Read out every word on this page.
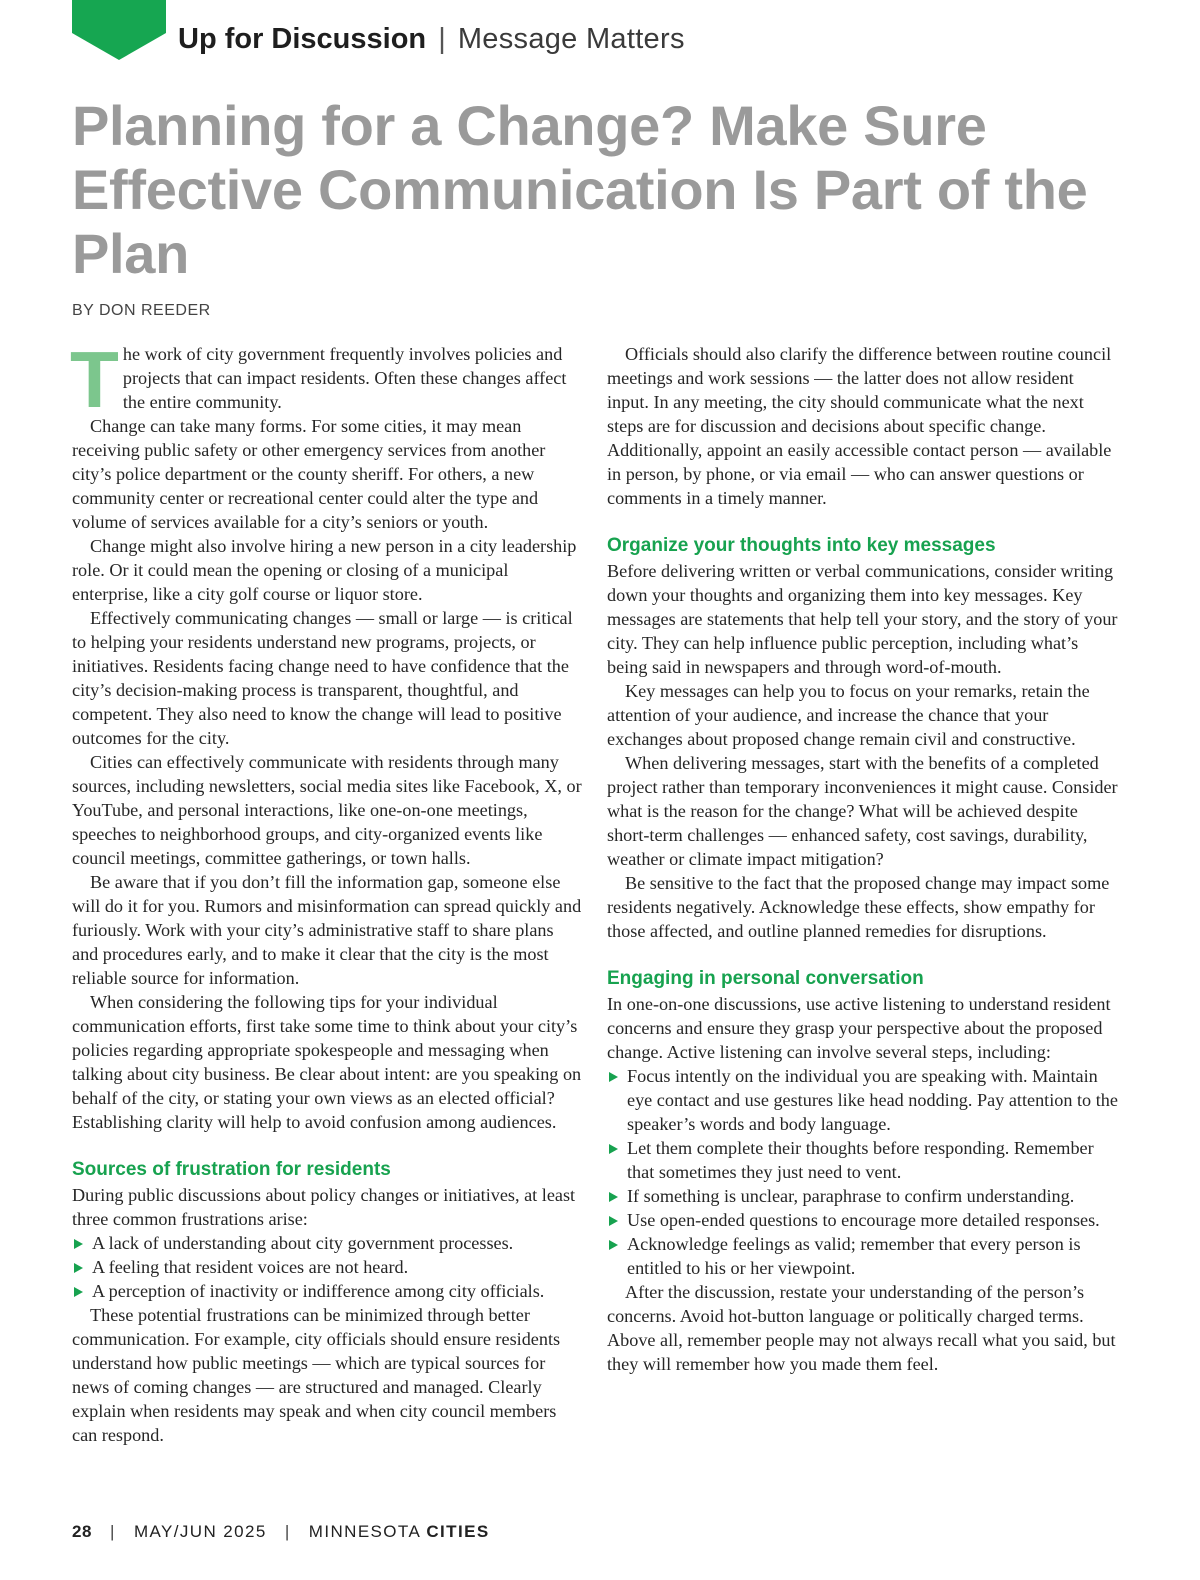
Up for Discussion | Message Matters
Planning for a Change? Make Sure Effective Communication Is Part of the Plan
BY DON REEDER

The work of city government frequently involves policies and projects that can impact residents. Often these changes affect the entire community.

Change can take many forms. For some cities, it may mean receiving public safety or other emergency services from another city’s police department or the county sheriff. For others, a new community center or recreational center could alter the type and volume of services available for a city’s seniors or youth.

Change might also involve hiring a new person in a city leadership role. Or it could mean the opening or closing of a municipal enterprise, like a city golf course or liquor store.

Effectively communicating changes — small or large — is critical to helping your residents understand new programs, projects, or initiatives. Residents facing change need to have confidence that the city’s decision-making process is transparent, thoughtful, and competent. They also need to know the change will lead to positive outcomes for the city.

Cities can effectively communicate with residents through many sources, including newsletters, social media sites like Facebook, X, or YouTube, and personal interactions, like one-on-one meetings, speeches to neighborhood groups, and city-organized events like council meetings, committee gatherings, or town halls.

Be aware that if you don’t fill the information gap, someone else will do it for you. Rumors and misinformation can spread quickly and furiously. Work with your city’s administrative staff to share plans and procedures early, and to make it clear that the city is the most reliable source for information.

When considering the following tips for your individual communication efforts, first take some time to think about your city’s policies regarding appropriate spokespeople and messaging when talking about city business. Be clear about intent: are you speaking on behalf of the city, or stating your own views as an elected official? Establishing clarity will help to avoid confusion among audiences.

Sources of frustration for residents

During public discussions about policy changes or initiatives, at least three common frustrations arise:

A lack of understanding about city government processes.
A feeling that resident voices are not heard.
A perception of inactivity or indifference among city officials.

These potential frustrations can be minimized through better communication. For example, city officials should ensure residents understand how public meetings — which are typical sources for news of coming changes — are structured and managed. Clearly explain when residents may speak and when city council members can respond.

Officials should also clarify the difference between routine council meetings and work sessions — the latter does not allow resident input. In any meeting, the city should communicate what the next steps are for discussion and decisions about specific change. Additionally, appoint an easily accessible contact person — available in person, by phone, or via email — who can answer questions or comments in a timely manner.

Organize your thoughts into key messages

Before delivering written or verbal communications, consider writing down your thoughts and organizing them into key messages. Key messages are statements that help tell your story, and the story of your city. They can help influence public perception, including what’s being said in newspapers and through word-of-mouth.

Key messages can help you to focus on your remarks, retain the attention of your audience, and increase the chance that your exchanges about proposed change remain civil and constructive.

When delivering messages, start with the benefits of a completed project rather than temporary inconveniences it might cause. Consider what is the reason for the change? What will be achieved despite short-term challenges — enhanced safety, cost savings, durability, weather or climate impact mitigation?

Be sensitive to the fact that the proposed change may impact some residents negatively. Acknowledge these effects, show empathy for those affected, and outline planned remedies for disruptions.

Engaging in personal conversation

In one-on-one discussions, use active listening to understand resident concerns and ensure they grasp your perspective about the proposed change. Active listening can involve several steps, including:

Focus intently on the individual you are speaking with. Maintain eye contact and use gestures like head nodding. Pay attention to the speaker’s words and body language.
Let them complete their thoughts before responding. Remember that sometimes they just need to vent.
If something is unclear, paraphrase to confirm understanding.
Use open-ended questions to encourage more detailed responses.
Acknowledge feelings as valid; remember that every person is entitled to his or her viewpoint.

After the discussion, restate your understanding of the person’s concerns. Avoid hot-button language or politically charged terms. Above all, remember people may not always recall what you said, but they will remember how you made them feel.

28 | MAY/JUN 2025 | MINNESOTA CITIES
